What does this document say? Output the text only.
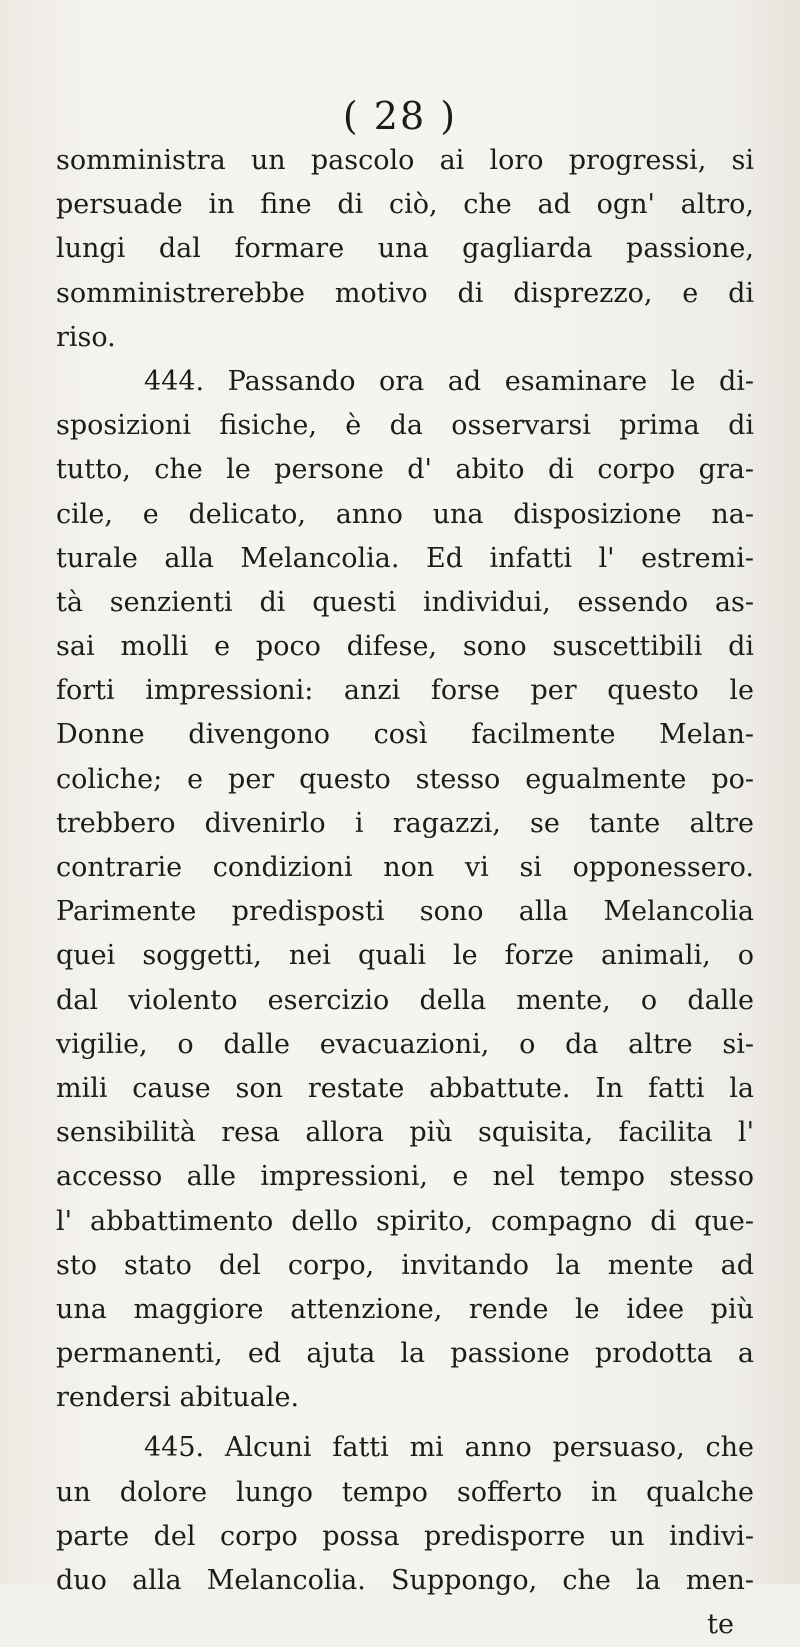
( 28 )
somministra un pascolo ai loro progressi, si
persuade in fine di ciò, che ad ogn' altro,
lungi dal formare una gagliarda passione,
somministrerebbe motivo di disprezzo, e di
riso.
444. Passando ora ad esaminare le di-
sposizioni fisiche, è da osservarsi prima di
tutto, che le persone d' abito di corpo gra-
cile, e delicato, anno una disposizione na-
turale alla Melancolia. Ed infatti l' estremi-
tà senzienti di questi individui, essendo as-
sai molli e poco difese, sono suscettibili di
forti impressioni: anzi forse per questo le
Donne divengono così facilmente Melan-
coliche; e per questo stesso egualmente po-
trebbero divenirlo i ragazzi, se tante altre
contrarie condizioni non vi si opponessero.
Parimente predisposti sono alla Melancolia
quei soggetti, nei quali le forze animali, o
dal violento esercizio della mente, o dalle
vigilie, o dalle evacuazioni, o da altre si-
mili cause son restate abbattute. In fatti la
sensibilità resa allora più squisita, facilita l'
accesso alle impressioni, e nel tempo stesso
l' abbattimento dello spirito, compagno di que-
sto stato del corpo, invitando la mente ad
una maggiore attenzione, rende le idee più
permanenti, ed ajuta la passione prodotta a
rendersi abituale.
445. Alcuni fatti mi anno persuaso, che
un dolore lungo tempo sofferto in qualche
parte del corpo possa predisporre un indivi-
duo alla Melancolia. Suppongo, che la men-
te
